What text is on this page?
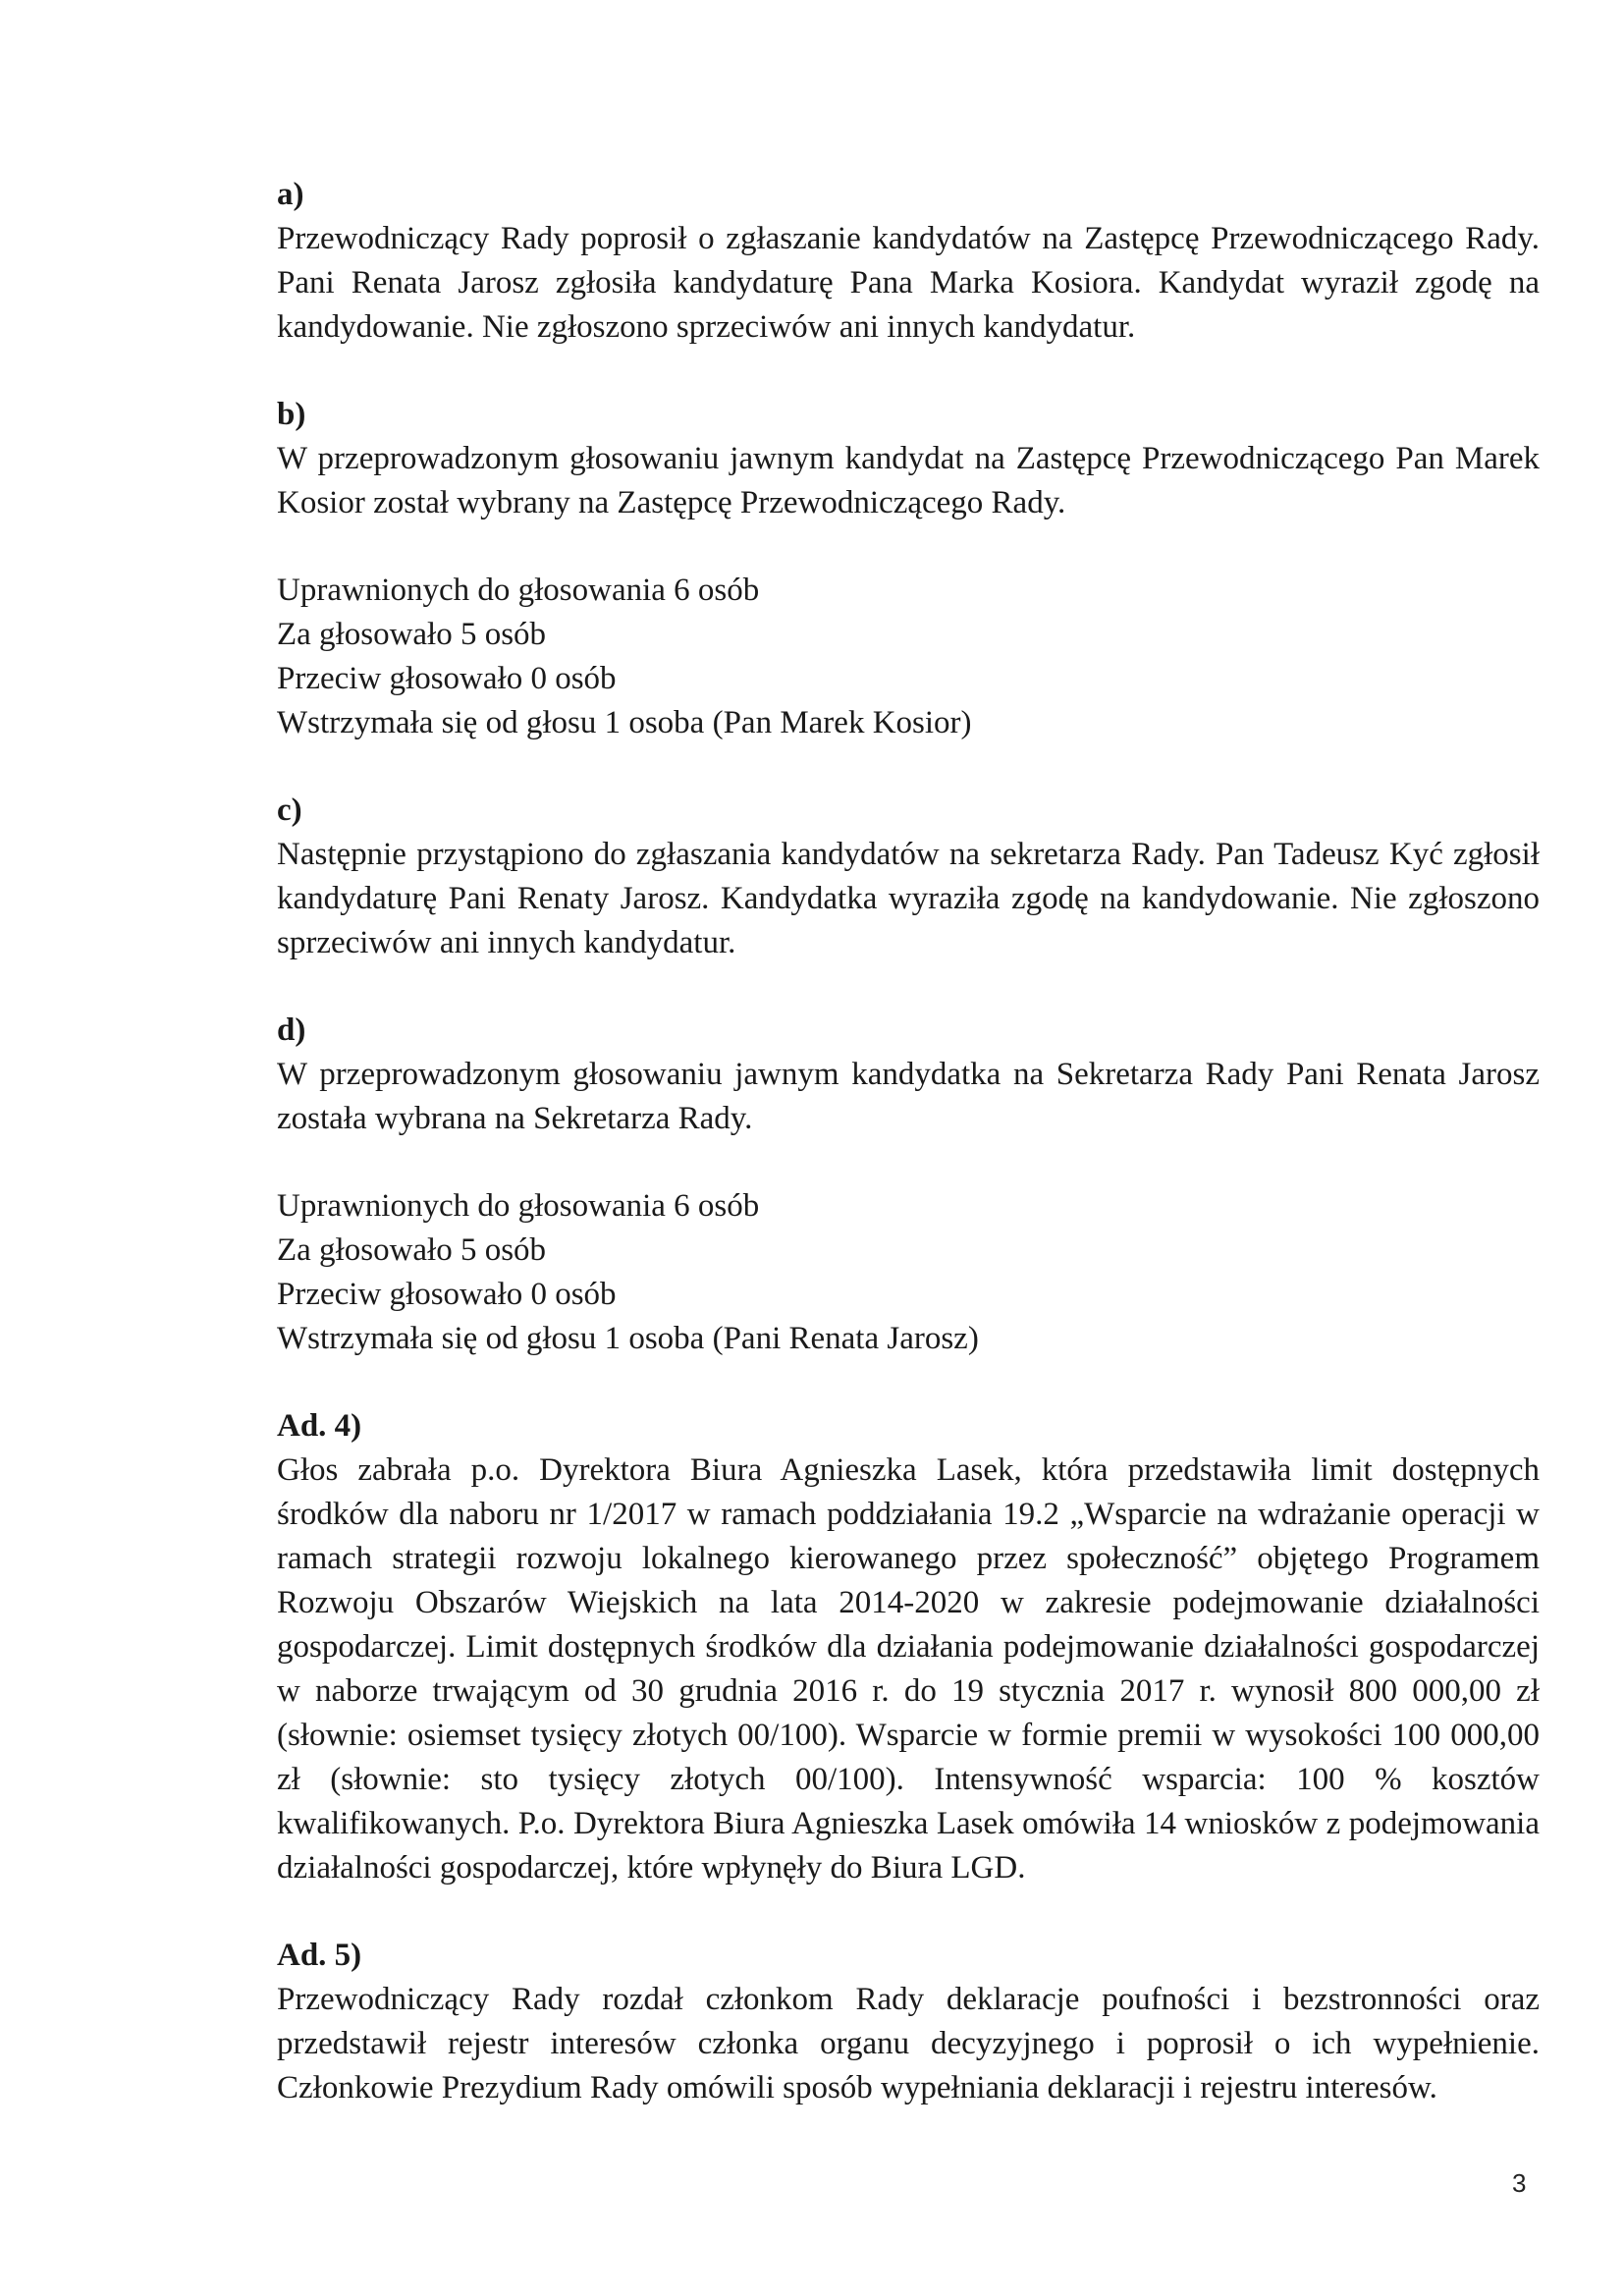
a)

Przewodniczący Rady poprosił o zgłaszanie kandydatów na Zastępcę Przewodniczącego Rady. Pani Renata Jarosz zgłosiła kandydaturę Pana Marka Kosiora. Kandydat wyraził zgodę na kandydowanie. Nie zgłoszono sprzeciwów ani innych kandydatur.

b)

W przeprowadzonym głosowaniu jawnym kandydat na Zastępcę Przewodniczącego Pan Marek Kosior został wybrany na Zastępcę Przewodniczącego Rady.

Uprawnionych do głosowania 6 osób

Za głosowało 5 osób

Przeciw głosowało 0 osób

Wstrzymała się od głosu 1 osoba (Pan Marek Kosior)

c)

Następnie przystąpiono do zgłaszania kandydatów na sekretarza Rady. Pan Tadeusz Kyć zgłosił kandydaturę Pani Renaty Jarosz. Kandydatka wyraziła zgodę na kandydowanie. Nie zgłoszono sprzeciwów ani innych kandydatur.

d)

W przeprowadzonym głosowaniu jawnym kandydatka na Sekretarza Rady Pani Renata Jarosz została wybrana na Sekretarza Rady.

Uprawnionych do głosowania 6 osób

Za głosowało 5 osób

Przeciw głosowało 0 osób

Wstrzymała się od głosu 1 osoba (Pani Renata Jarosz)

Ad. 4)

Głos zabrała p.o. Dyrektora Biura Agnieszka Lasek, która przedstawiła limit dostępnych środków dla naboru nr 1/2017 w ramach poddziałania 19.2 „Wsparcie na wdrażanie operacji w ramach strategii rozwoju lokalnego kierowanego przez społeczność” objętego Programem Rozwoju Obszarów Wiejskich na lata 2014-2020 w zakresie podejmowanie działalności gospodarczej. Limit dostępnych środków dla działania podejmowanie działalności gospodarczej w naborze trwającym od 30 grudnia 2016 r. do 19 stycznia 2017 r. wynosił 800 000,00 zł (słownie: osiemset tysięcy złotych 00/100). Wsparcie w formie premii w wysokości 100 000,00 zł (słownie: sto tysięcy złotych 00/100). Intensywność wsparcia: 100 % kosztów kwalifikowanych. P.o. Dyrektora Biura Agnieszka Lasek omówiła 14 wniosków z podejmowania działalności gospodarczej, które wpłynęły do Biura LGD.

Ad. 5)

Przewodniczący Rady rozdał członkom Rady deklaracje poufności i bezstronności oraz przedstawił rejestr interesów członka organu decyzyjnego i poprosił o ich wypełnienie. Członkowie Prezydium Rady omówili sposób wypełniania deklaracji i rejestru interesów.

3
